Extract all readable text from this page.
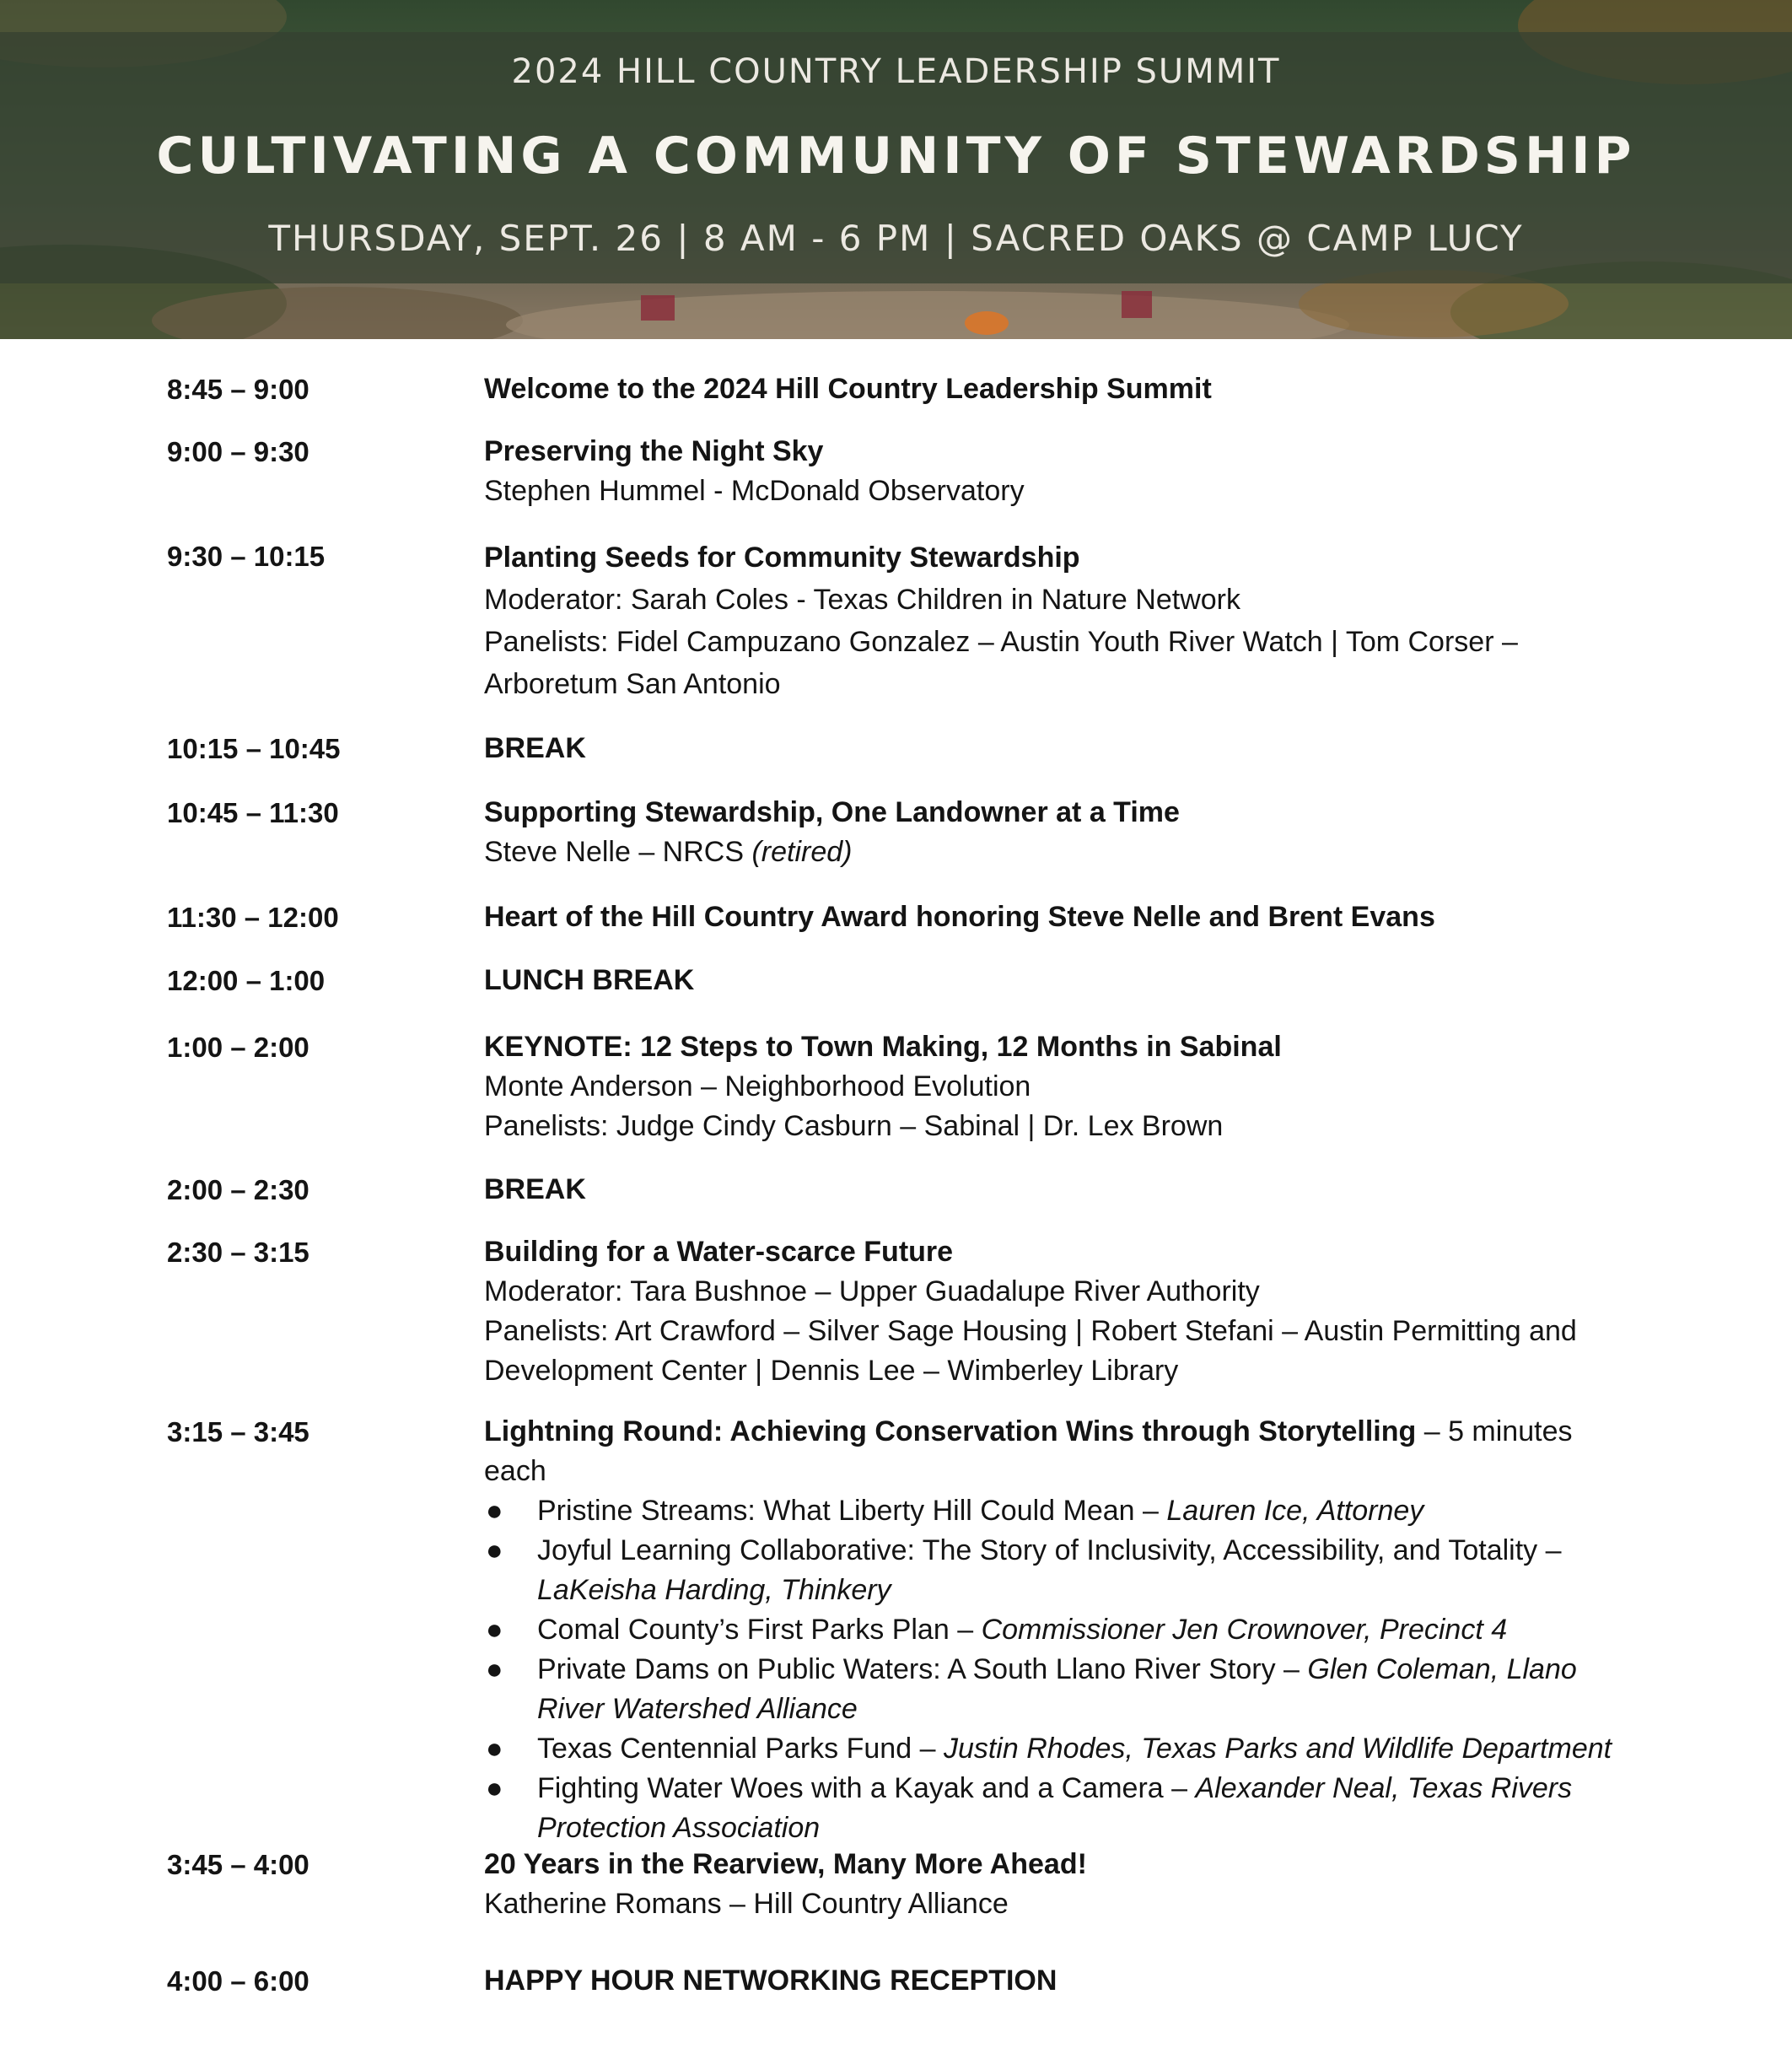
2024 HILL COUNTRY LEADERSHIP SUMMIT
CULTIVATING A COMMUNITY OF STEWARDSHIP
THURSDAY, SEPT. 26 | 8 AM - 6 PM | SACRED OAKS @ CAMP LUCY
8:45 – 9:00	Welcome to the 2024 Hill Country Leadership Summit
9:00 – 9:30	Preserving the Night Sky
Stephen Hummel - McDonald Observatory
9:30 – 10:15	Planting Seeds for Community Stewardship
Moderator: Sarah Coles - Texas Children in Nature Network
Panelists: Fidel Campuzano Gonzalez – Austin Youth River Watch | Tom Corser –
Arboretum San Antonio
10:15 – 10:45	BREAK
10:45 – 11:30	Supporting Stewardship, One Landowner at a Time
Steve Nelle – NRCS (retired)
11:30 – 12:00	Heart of the Hill Country Award honoring Steve Nelle and Brent Evans
12:00 – 1:00	LUNCH BREAK
1:00 – 2:00	KEYNOTE: 12 Steps to Town Making, 12 Months in Sabinal
Monte Anderson – Neighborhood Evolution
Panelists: Judge Cindy Casburn – Sabinal | Dr. Lex Brown
2:00 – 2:30	BREAK
2:30 – 3:15	Building for a Water-scarce Future
Moderator: Tara Bushnoe – Upper Guadalupe River Authority
Panelists: Art Crawford – Silver Sage Housing | Robert Stefani – Austin Permitting and
Development Center | Dennis Lee – Wimberley Library
3:15 – 3:45	Lightning Round: Achieving Conservation Wins through Storytelling – 5 minutes each
● Pristine Streams: What Liberty Hill Could Mean – Lauren Ice, Attorney
● Joyful Learning Collaborative: The Story of Inclusivity, Accessibility, and Totality – LaKeisha Harding, Thinkery
● Comal County’s First Parks Plan – Commissioner Jen Crownover, Precinct 4
● Private Dams on Public Waters: A South Llano River Story – Glen Coleman, Llano River Watershed Alliance
● Texas Centennial Parks Fund – Justin Rhodes, Texas Parks and Wildlife Department
● Fighting Water Woes with a Kayak and a Camera – Alexander Neal, Texas Rivers Protection Association
3:45 – 4:00	20 Years in the Rearview, Many More Ahead!
Katherine Romans – Hill Country Alliance
4:00 – 6:00	HAPPY HOUR NETWORKING RECEPTION
